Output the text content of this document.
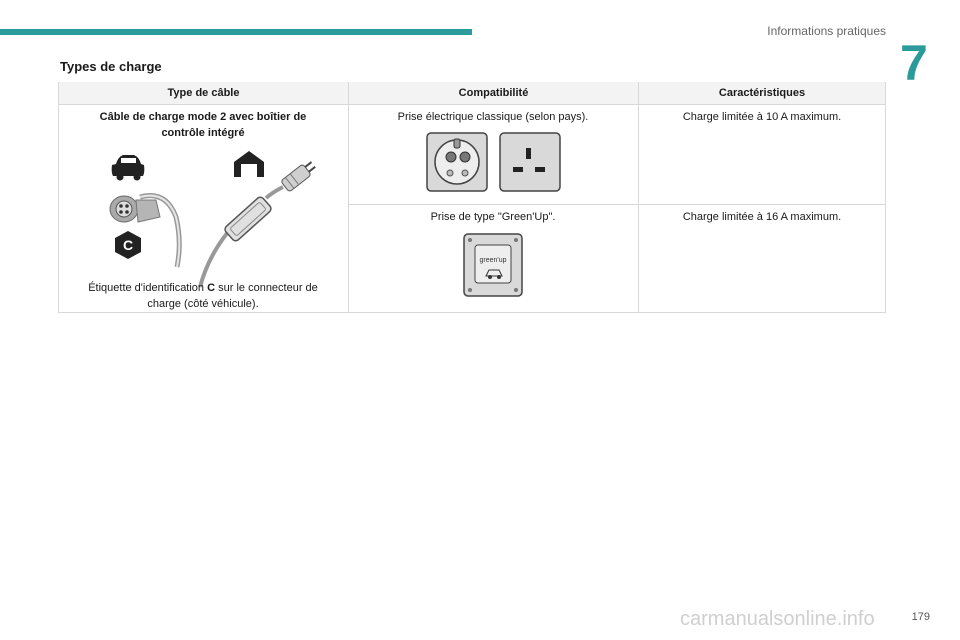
Informations pratiques
7
Types de charge
Type de câble	Compatibilité	Caractéristiques
Câble de charge mode 2 avec boîtier de contrôle intégré
C
Étiquette d'identification C sur le connecteur de charge (côté véhicule).
Prise électrique classique (selon pays).	Charge limitée à 10 A maximum.
Prise de type "Green'Up".	Charge limitée à 16 A maximum.
green'up
carmanualsonline.info	179
